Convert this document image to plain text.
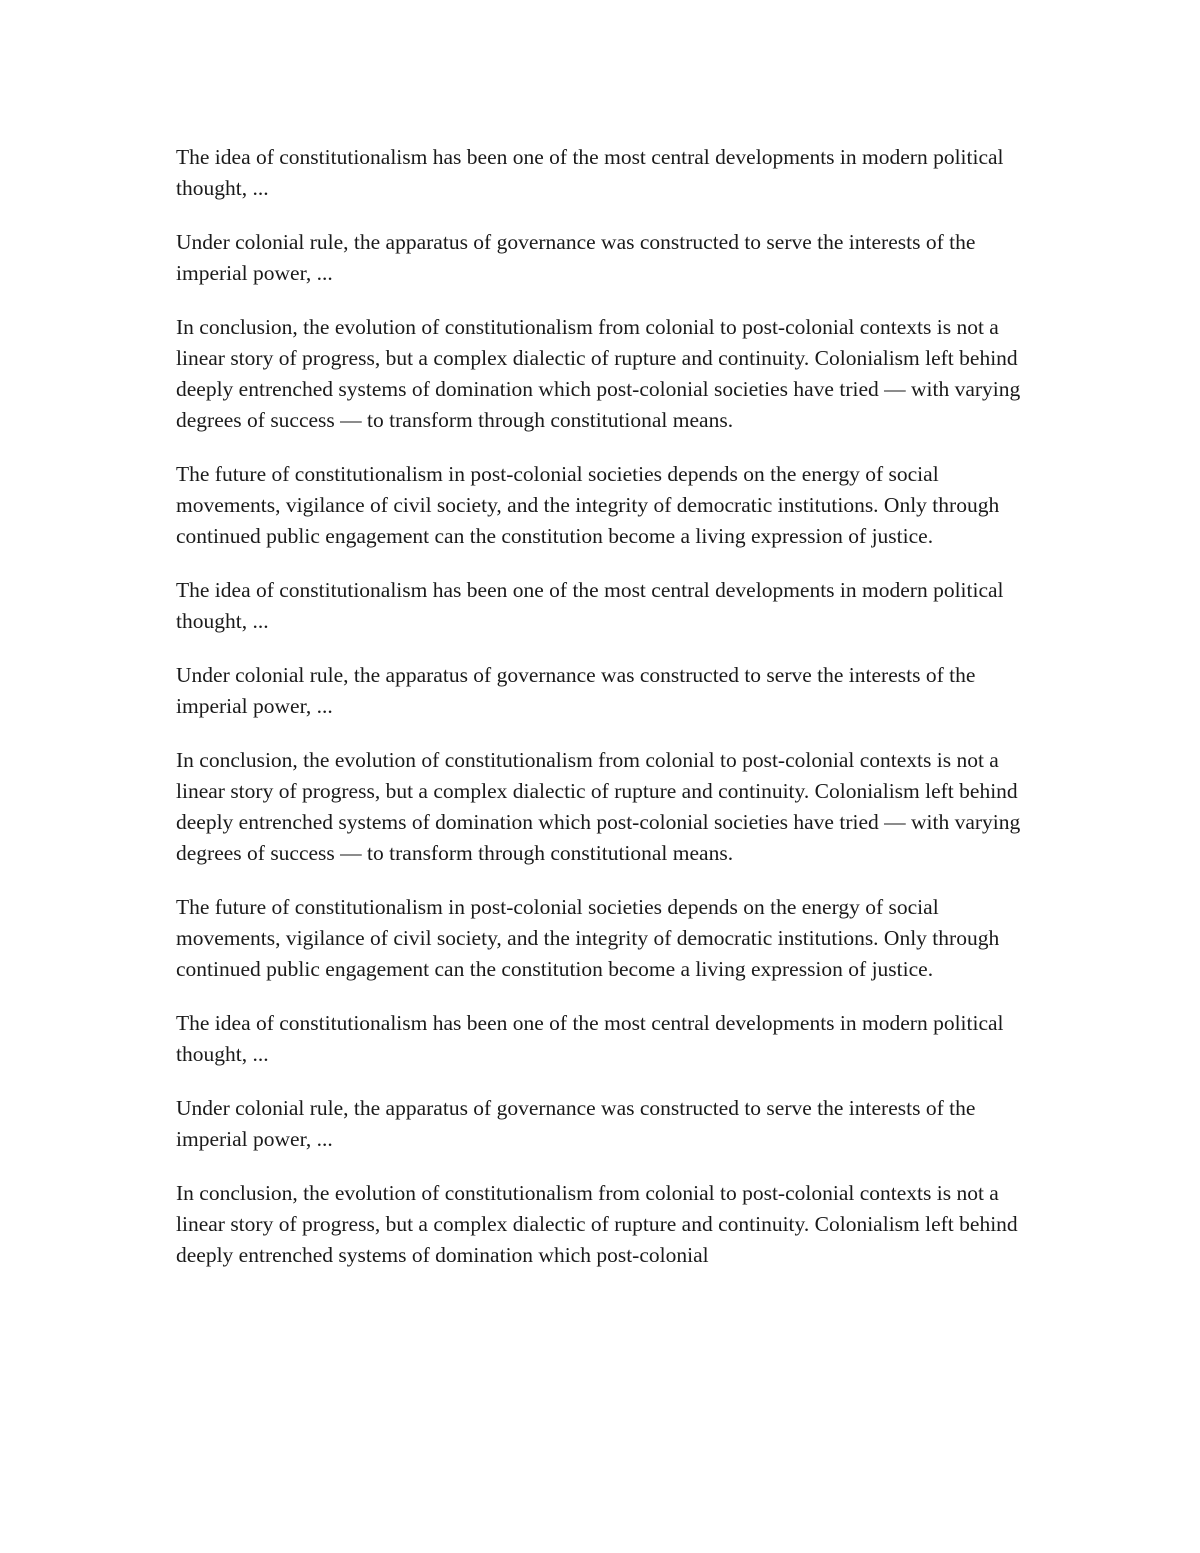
The idea of constitutionalism has been one of the most central developments in modern political thought, ...

Under colonial rule, the apparatus of governance was constructed to serve the interests of the imperial power, ...

In conclusion, the evolution of constitutionalism from colonial to post-colonial contexts is not a linear story of progress, but a complex dialectic of rupture and continuity. Colonialism left behind deeply entrenched systems of domination which post-colonial societies have tried — with varying degrees of success — to transform through constitutional means.

The future of constitutionalism in post-colonial societies depends on the energy of social movements, vigilance of civil society, and the integrity of democratic institutions. Only through continued public engagement can the constitution become a living expression of justice.

The idea of constitutionalism has been one of the most central developments in modern political thought, ...

Under colonial rule, the apparatus of governance was constructed to serve the interests of the imperial power, ...

In conclusion, the evolution of constitutionalism from colonial to post-colonial contexts is not a linear story of progress, but a complex dialectic of rupture and continuity. Colonialism left behind deeply entrenched systems of domination which post-colonial societies have tried — with varying degrees of success — to transform through constitutional means.

The future of constitutionalism in post-colonial societies depends on the energy of social movements, vigilance of civil society, and the integrity of democratic institutions. Only through continued public engagement can the constitution become a living expression of justice.

The idea of constitutionalism has been one of the most central developments in modern political thought, ...

Under colonial rule, the apparatus of governance was constructed to serve the interests of the imperial power, ...

In conclusion, the evolution of constitutionalism from colonial to post-colonial contexts is not a linear story of progress, but a complex dialectic of rupture and continuity. Colonialism left behind deeply entrenched systems of domination which post-colonial
